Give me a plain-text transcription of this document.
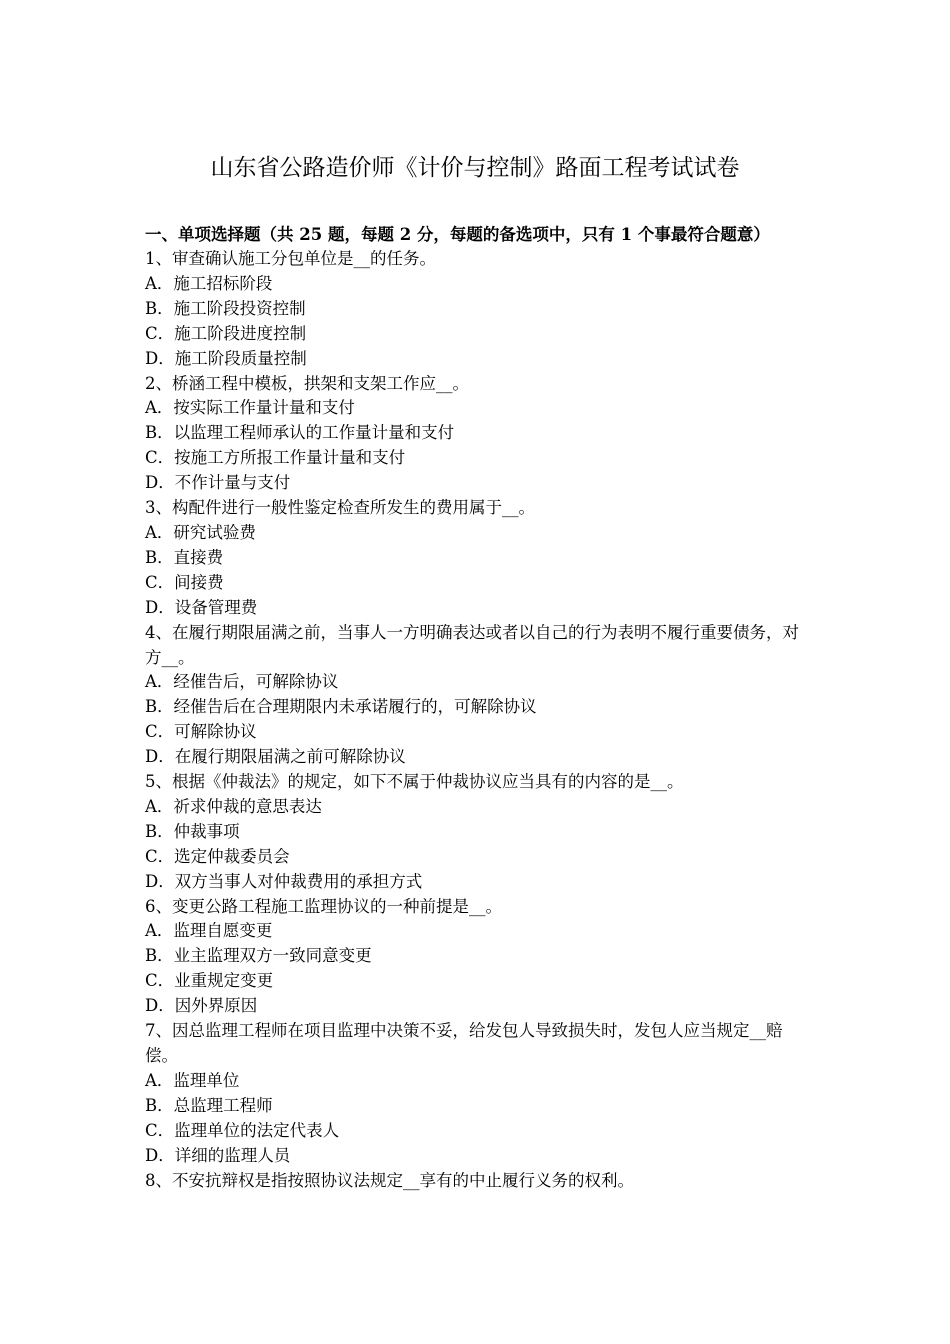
山东省公路造价师《计价与控制》路面工程考试试卷

一、单项选择题（共 25 题，每题 2 分，每题的备选项中，只有 1 个事最符合题意）

1、审查确认施工分包单位是__的任务。

A．施工招标阶段

B．施工阶段投资控制

C．施工阶段进度控制

D．施工阶段质量控制

2、桥涵工程中模板，拱架和支架工作应__。

A．按实际工作量计量和支付

B．以监理工程师承认的工作量计量和支付

C．按施工方所报工作量计量和支付

D．不作计量与支付

3、构配件进行一般性鉴定检查所发生的费用属于__。

A．研究试验费

B．直接费

C．间接费

D．设备管理费

4、在履行期限届满之前，当事人一方明确表达或者以自己的行为表明不履行重要债务，对方__。

A．经催告后，可解除协议

B．经催告后在合理期限内未承诺履行的，可解除协议

C．可解除协议

D．在履行期限届满之前可解除协议

5、根据《仲裁法》的规定，如下不属于仲裁协议应当具有的内容的是__。

A．祈求仲裁的意思表达

B．仲裁事项

C．选定仲裁委员会

D．双方当事人对仲裁费用的承担方式

6、变更公路工程施工监理协议的一种前提是__。

A．监理自愿变更

B．业主监理双方一致同意变更

C．业重规定变更

D．因外界原因

7、因总监理工程师在项目监理中决策不妥，给发包人导致损失时，发包人应当规定__赔偿。

A．监理单位

B．总监理工程师

C．监理单位的法定代表人

D．详细的监理人员

8、不安抗辩权是指按照协议法规定__享有的中止履行义务的权利。
